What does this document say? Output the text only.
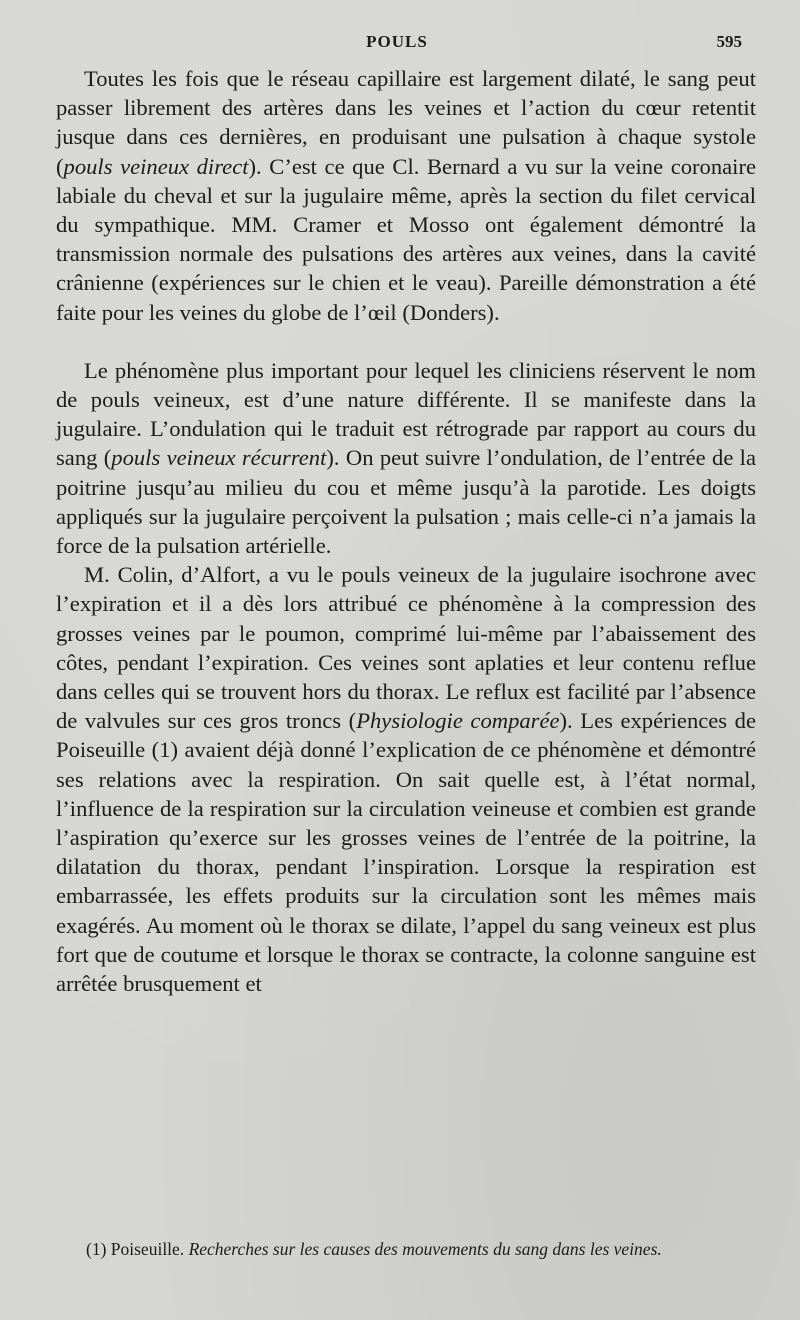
POULS	595

Toutes les fois que le réseau capillaire est largement dilaté, le sang peut passer librement des artères dans les veines et l’action du cœur retentit jusque dans ces dernières, en produisant une pulsation à chaque systole (pouls veineux direct). C’est ce que Cl. Bernard a vu sur la veine coronaire labiale du cheval et sur la jugulaire même, après la section du filet cervical du sympathique. MM. Cramer et Mosso ont également démontré la transmission normale des pulsations des artères aux veines, dans la cavité crânienne (expériences sur le chien et le veau). Pareille démonstration a été faite pour les veines du globe de l’œil (Donders).

Le phénomène plus important pour lequel les cliniciens réservent le nom de pouls veineux, est d’une nature différente. Il se manifeste dans la jugulaire. L’ondulation qui le traduit est rétrograde par rapport au cours du sang (pouls veineux récurrent). On peut suivre l’ondulation, de l’entrée de la poitrine jusqu’au milieu du cou et même jusqu’à la parotide. Les doigts appliqués sur la jugulaire perçoivent la pulsation ; mais celle-ci n’a jamais la force de la pulsation artérielle.

M. Colin, d’Alfort, a vu le pouls veineux de la jugulaire isochrone avec l’expiration et il a dès lors attribué ce phénomène à la compression des grosses veines par le poumon, comprimé lui-même par l’abaissement des côtes, pendant l’expiration. Ces veines sont aplaties et leur contenu reflue dans celles qui se trouvent hors du thorax. Le reflux est facilité par l’absence de valvules sur ces gros troncs (Physiologie comparée). Les expériences de Poiseuille (1) avaient déjà donné l’explication de ce phénomène et démontré ses relations avec la respiration. On sait quelle est, à l’état normal, l’influence de la respiration sur la circulation veineuse et combien est grande l’aspiration qu’exerce sur les grosses veines de l’entrée de la poitrine, la dilatation du thorax, pendant l’inspiration. Lorsque la respiration est embarrassée, les effets produits sur la circulation sont les mêmes mais exagérés. Au moment où le thorax se dilate, l’appel du sang veineux est plus fort que de coutume et lorsque le thorax se contracte, la colonne sanguine est arrêtée brusquement et

(1) Poiseuille. Recherches sur les causes des mouvements du sang dans les veines.
